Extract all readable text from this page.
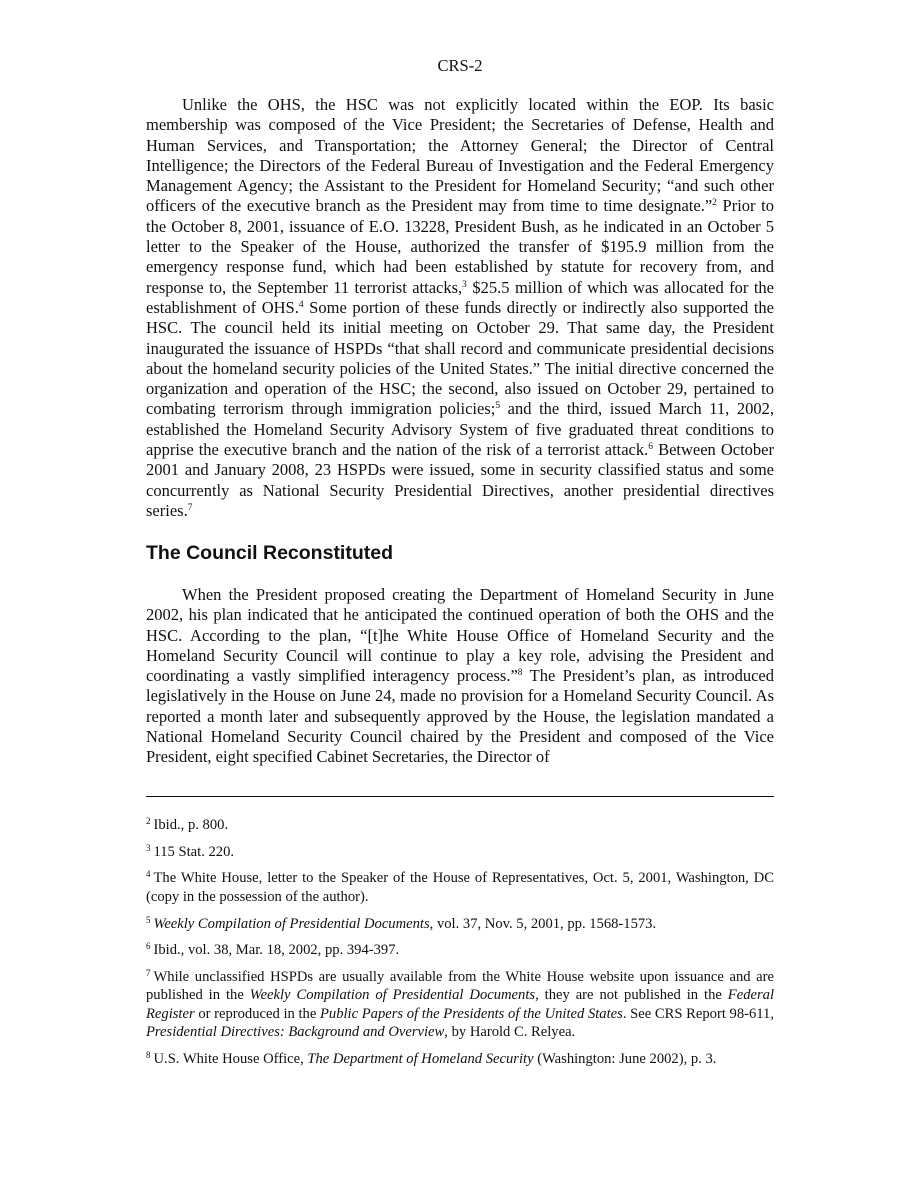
CRS-2

Unlike the OHS, the HSC was not explicitly located within the EOP. Its basic membership was composed of the Vice President; the Secretaries of Defense, Health and Human Services, and Transportation; the Attorney General; the Director of Central Intelligence; the Directors of the Federal Bureau of Investigation and the Federal Emergency Management Agency; the Assistant to the President for Homeland Security; “and such other officers of the executive branch as the President may from time to time designate.”$^2$ Prior to the October 8, 2001, issuance of E.O. 13228, President Bush, as he indicated in an October 5 letter to the Speaker of the House, authorized the transfer of $195.9 million from the emergency response fund, which had been established by statute for recovery from, and response to, the September 11 terrorist attacks,$^3$ $25.5 million of which was allocated for the establishment of OHS.$^4$ Some portion of these funds directly or indirectly also supported the HSC. The council held its initial meeting on October 29. That same day, the President inaugurated the issuance of HSPDs “that shall record and communicate presidential decisions about the homeland security policies of the United States.” The initial directive concerned the organization and operation of the HSC; the second, also issued on October 29, pertained to combating terrorism through immigration policies;$^5$ and the third, issued March 11, 2002, established the Homeland Security Advisory System of five graduated threat conditions to apprise the executive branch and the nation of the risk of a terrorist attack.$^6$ Between October 2001 and January 2008, 23 HSPDs were issued, some in security classified status and some concurrently as National Security Presidential Directives, another presidential directives series.$^7$

The Council Reconstituted

When the President proposed creating the Department of Homeland Security in June 2002, his plan indicated that he anticipated the continued operation of both the OHS and the HSC. According to the plan, “[t]he White House Office of Homeland Security and the Homeland Security Council will continue to play a key role, advising the President and coordinating a vastly simplified interagency process.”$^8$ The President’s plan, as introduced legislatively in the House on June 24, made no provision for a Homeland Security Council. As reported a month later and subsequently approved by the House, the legislation mandated a National Homeland Security Council chaired by the President and composed of the Vice President, eight specified Cabinet Secretaries, the Director of

$^2$ Ibid., p. 800.

$^3$ 115 Stat. 220.

$^4$ The White House, letter to the Speaker of the House of Representatives, Oct. 5, 2001, Washington, DC (copy in the possession of the author).

$^5$ Weekly Compilation of Presidential Documents, vol. 37, Nov. 5, 2001, pp. 1568-1573.

$^6$ Ibid., vol. 38, Mar. 18, 2002, pp. 394-397.

$^7$ While unclassified HSPDs are usually available from the White House website upon issuance and are published in the Weekly Compilation of Presidential Documents, they are not published in the Federal Register or reproduced in the Public Papers of the Presidents of the United States. See CRS Report 98-611, Presidential Directives: Background and Overview, by Harold C. Relyea.

$^8$ U.S. White House Office, The Department of Homeland Security (Washington: June 2002), p. 3.
